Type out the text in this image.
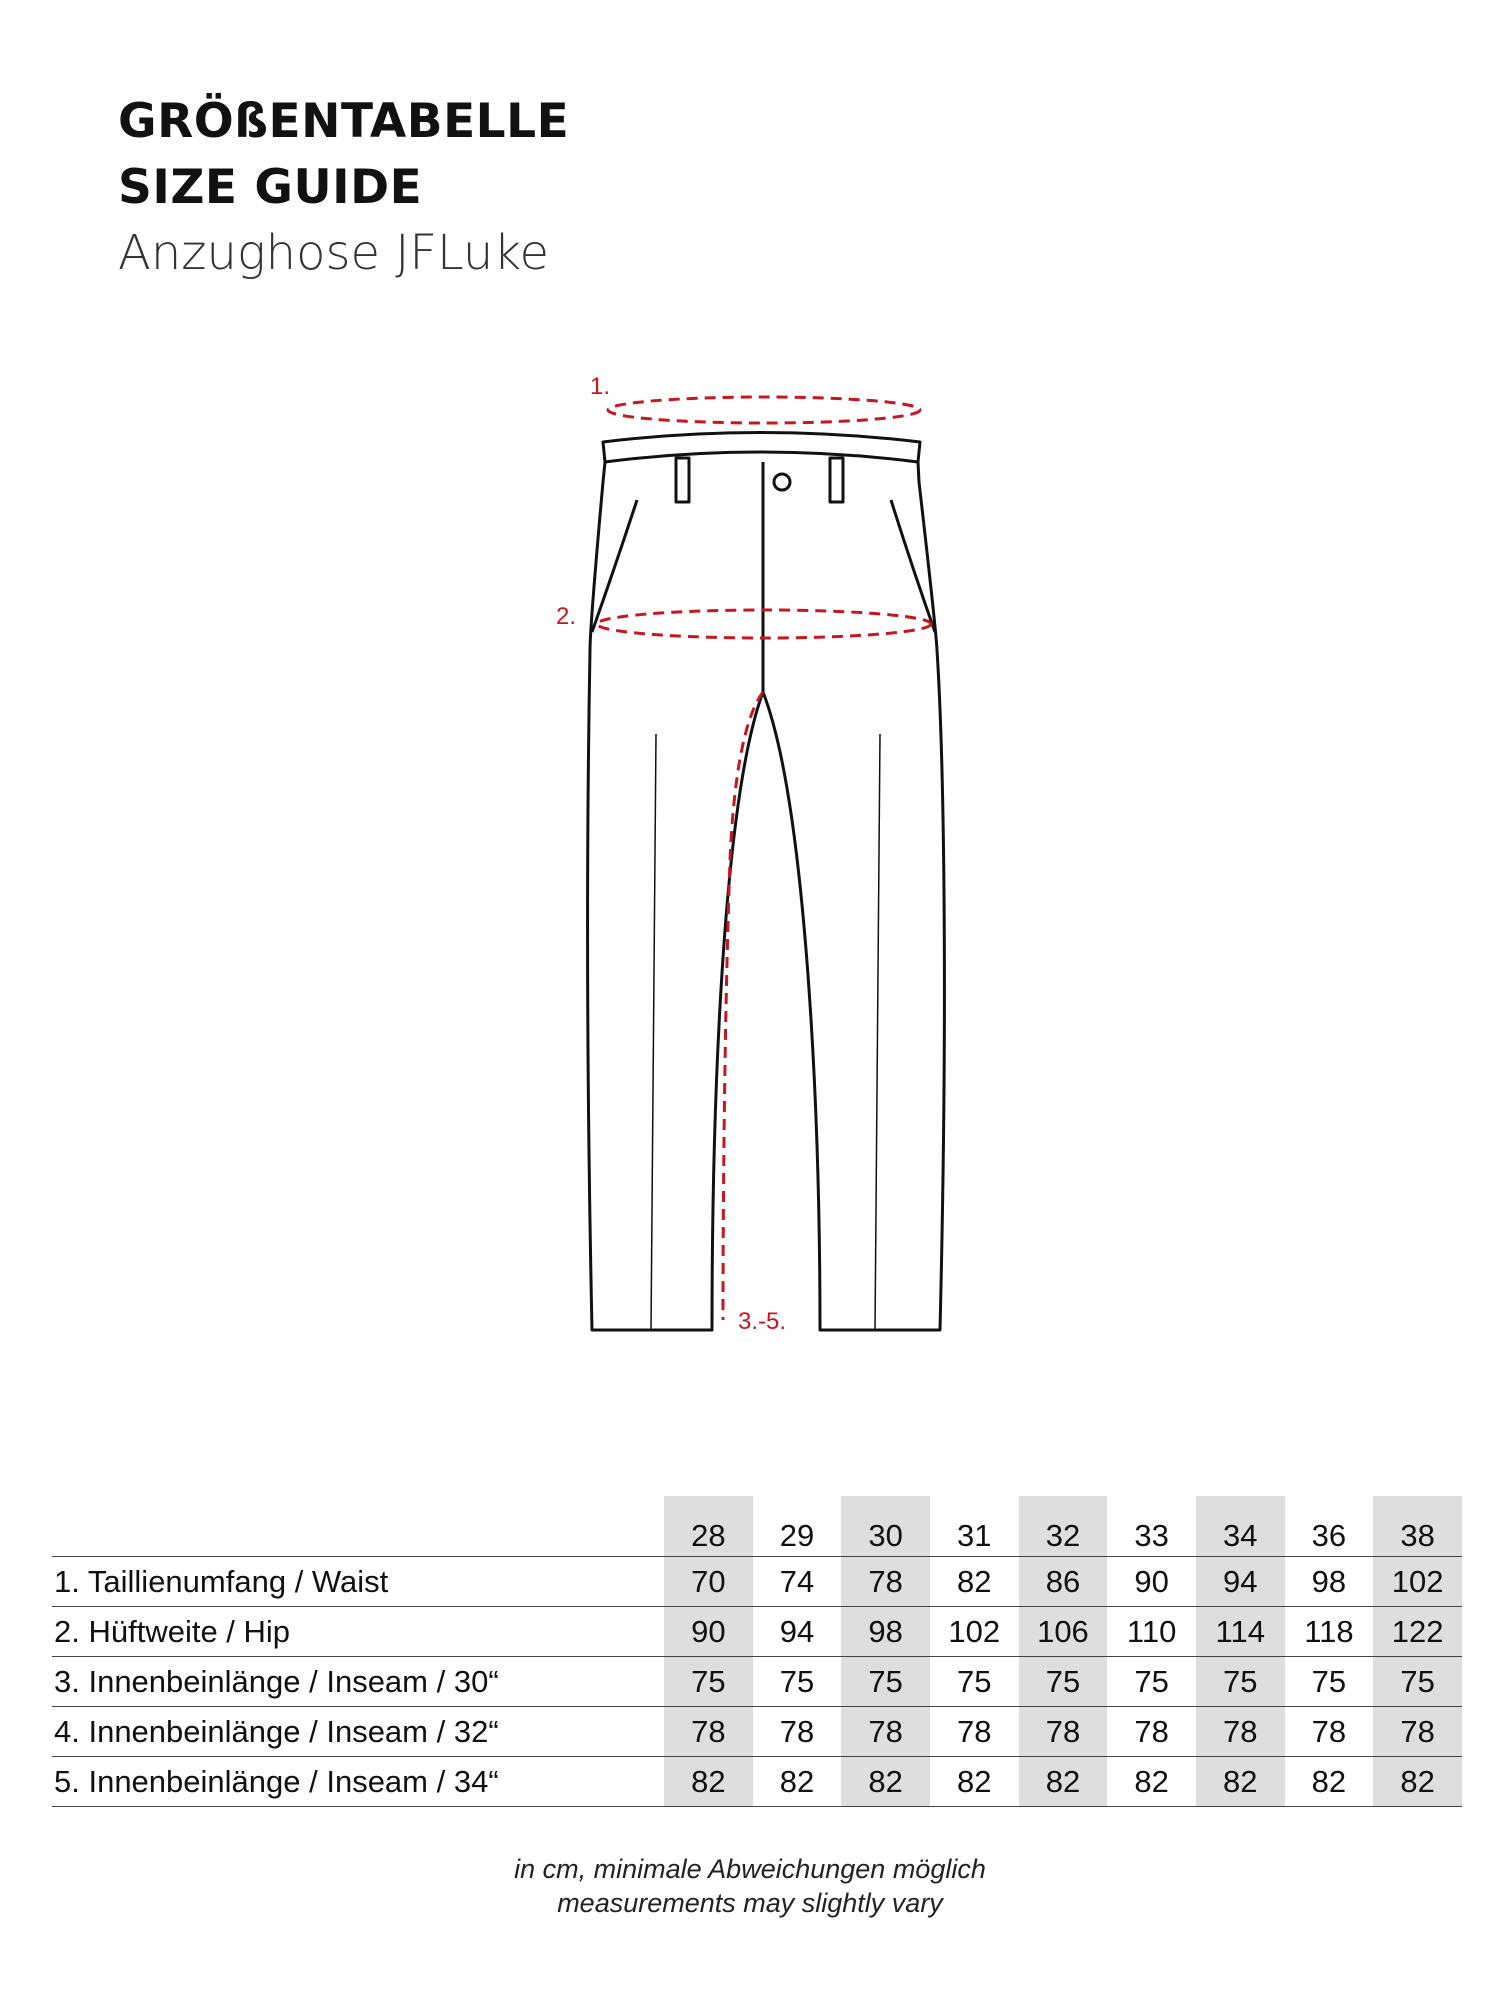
GRÖßENTABELLE
SIZE GUIDE
Anzughose JFLuke
1.
2.
3.-5.
	28	29	30	31	32	33	34	36	38
1. Taillienumfang / Waist	70	74	78	82	86	90	94	98	102
2. Hüftweite / Hip	90	94	98	102	106	110	114	118	122
3. Innenbeinlänge / Inseam / 30“	75	75	75	75	75	75	75	75	75
4. Innenbeinlänge / Inseam / 32“	78	78	78	78	78	78	78	78	78
5. Innenbeinlänge / Inseam / 34“	82	82	82	82	82	82	82	82	82

in cm, minimale Abweichungen möglich

measurements may slightly vary
